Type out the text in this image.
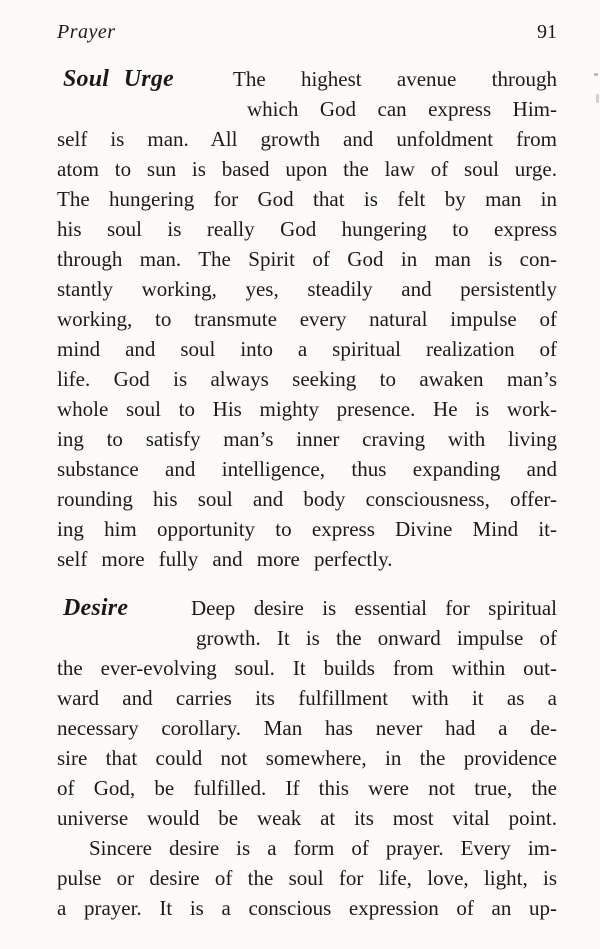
Prayer	91
Soul Urge	The highest avenue through
which God can express Him-
self is man. All growth and unfoldment from
atom to sun is based upon the law of soul urge.
The hungering for God that is felt by man in
his soul is really God hungering to express
through man. The Spirit of God in man is con-
stantly working, yes, steadily and persistently
working, to transmute every natural impulse of
mind and soul into a spiritual realization of
life. God is always seeking to awaken man’s
whole soul to His mighty presence. He is work-
ing to satisfy man’s inner craving with living
substance and intelligence, thus expanding and
rounding his soul and body consciousness, offer-
ing him opportunity to express Divine Mind it-
self more fully and more perfectly.
Desire	Deep desire is essential for spiritual
growth. It is the onward impulse of
the ever-evolving soul. It builds from within out-
ward and carries its fulfillment with it as a
necessary corollary. Man has never had a de-
sire that could not somewhere, in the providence
of God, be fulfilled. If this were not true, the
universe would be weak at its most vital point.
Sincere desire is a form of prayer. Every im-
pulse or desire of the soul for life, love, light, is
a prayer. It is a conscious expression of an up-
